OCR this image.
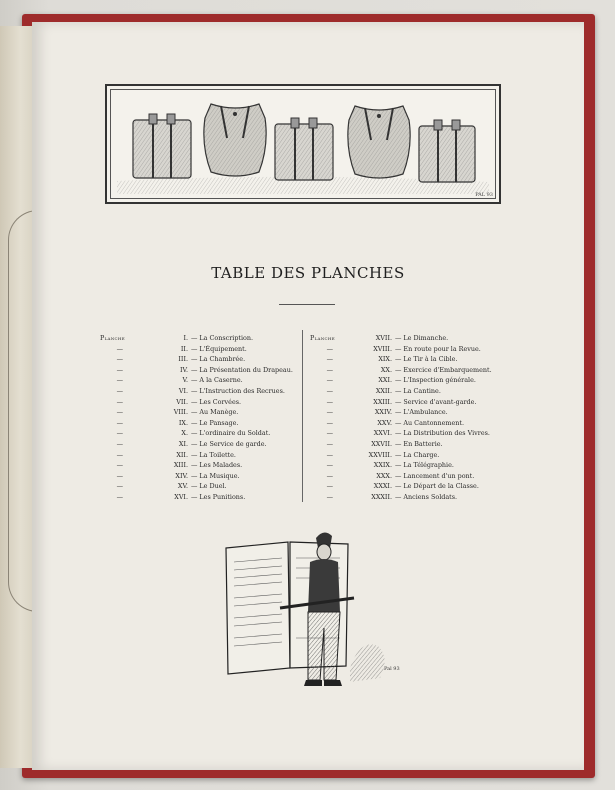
PAL 93
TABLE DES PLANCHES
Planche	I. — La Conscription.
—	II. — L'Équipement.
—	III. — La Chambrée.
—	IV. — La Présentation du Drapeau.
—	V. — A la Caserne.
—	VI. — L'Instruction des Recrues.
—	VII. — Les Corvées.
—	VIII. — Au Manège.
—	IX. — Le Pansage.
—	X. — L'ordinaire du Soldat.
—	XI. — Le Service de garde.
—	XII. — La Toilette.
—	XIII. — Les Malades.
—	XIV. — La Musique.
—	XV. — Le Duel.
—	XVI. — Les Punitions.
Planche	XVII. — Le Dimanche.
—	XVIII. — En route pour la Revue.
—	XIX. — Le Tir à la Cible.
—	XX. — Exercice d'Embarquement.
—	XXI. — L'Inspection générale.
—	XXII. — La Cantine.
—	XXIII. — Service d'avant-garde.
—	XXIV. — L'Ambulance.
—	XXV. — Au Cantonnement.
—	XXVI. — La Distribution des Vivres.
—	XXVII. — En Batterie.
—	XXVIII. — La Charge.
—	XXIX. — La Télégraphie.
—	XXX. — Lancement d'un pont.
—	XXXI. — Le Départ de la Classe.
—	XXXII. — Anciens Soldats.
Pal 93
